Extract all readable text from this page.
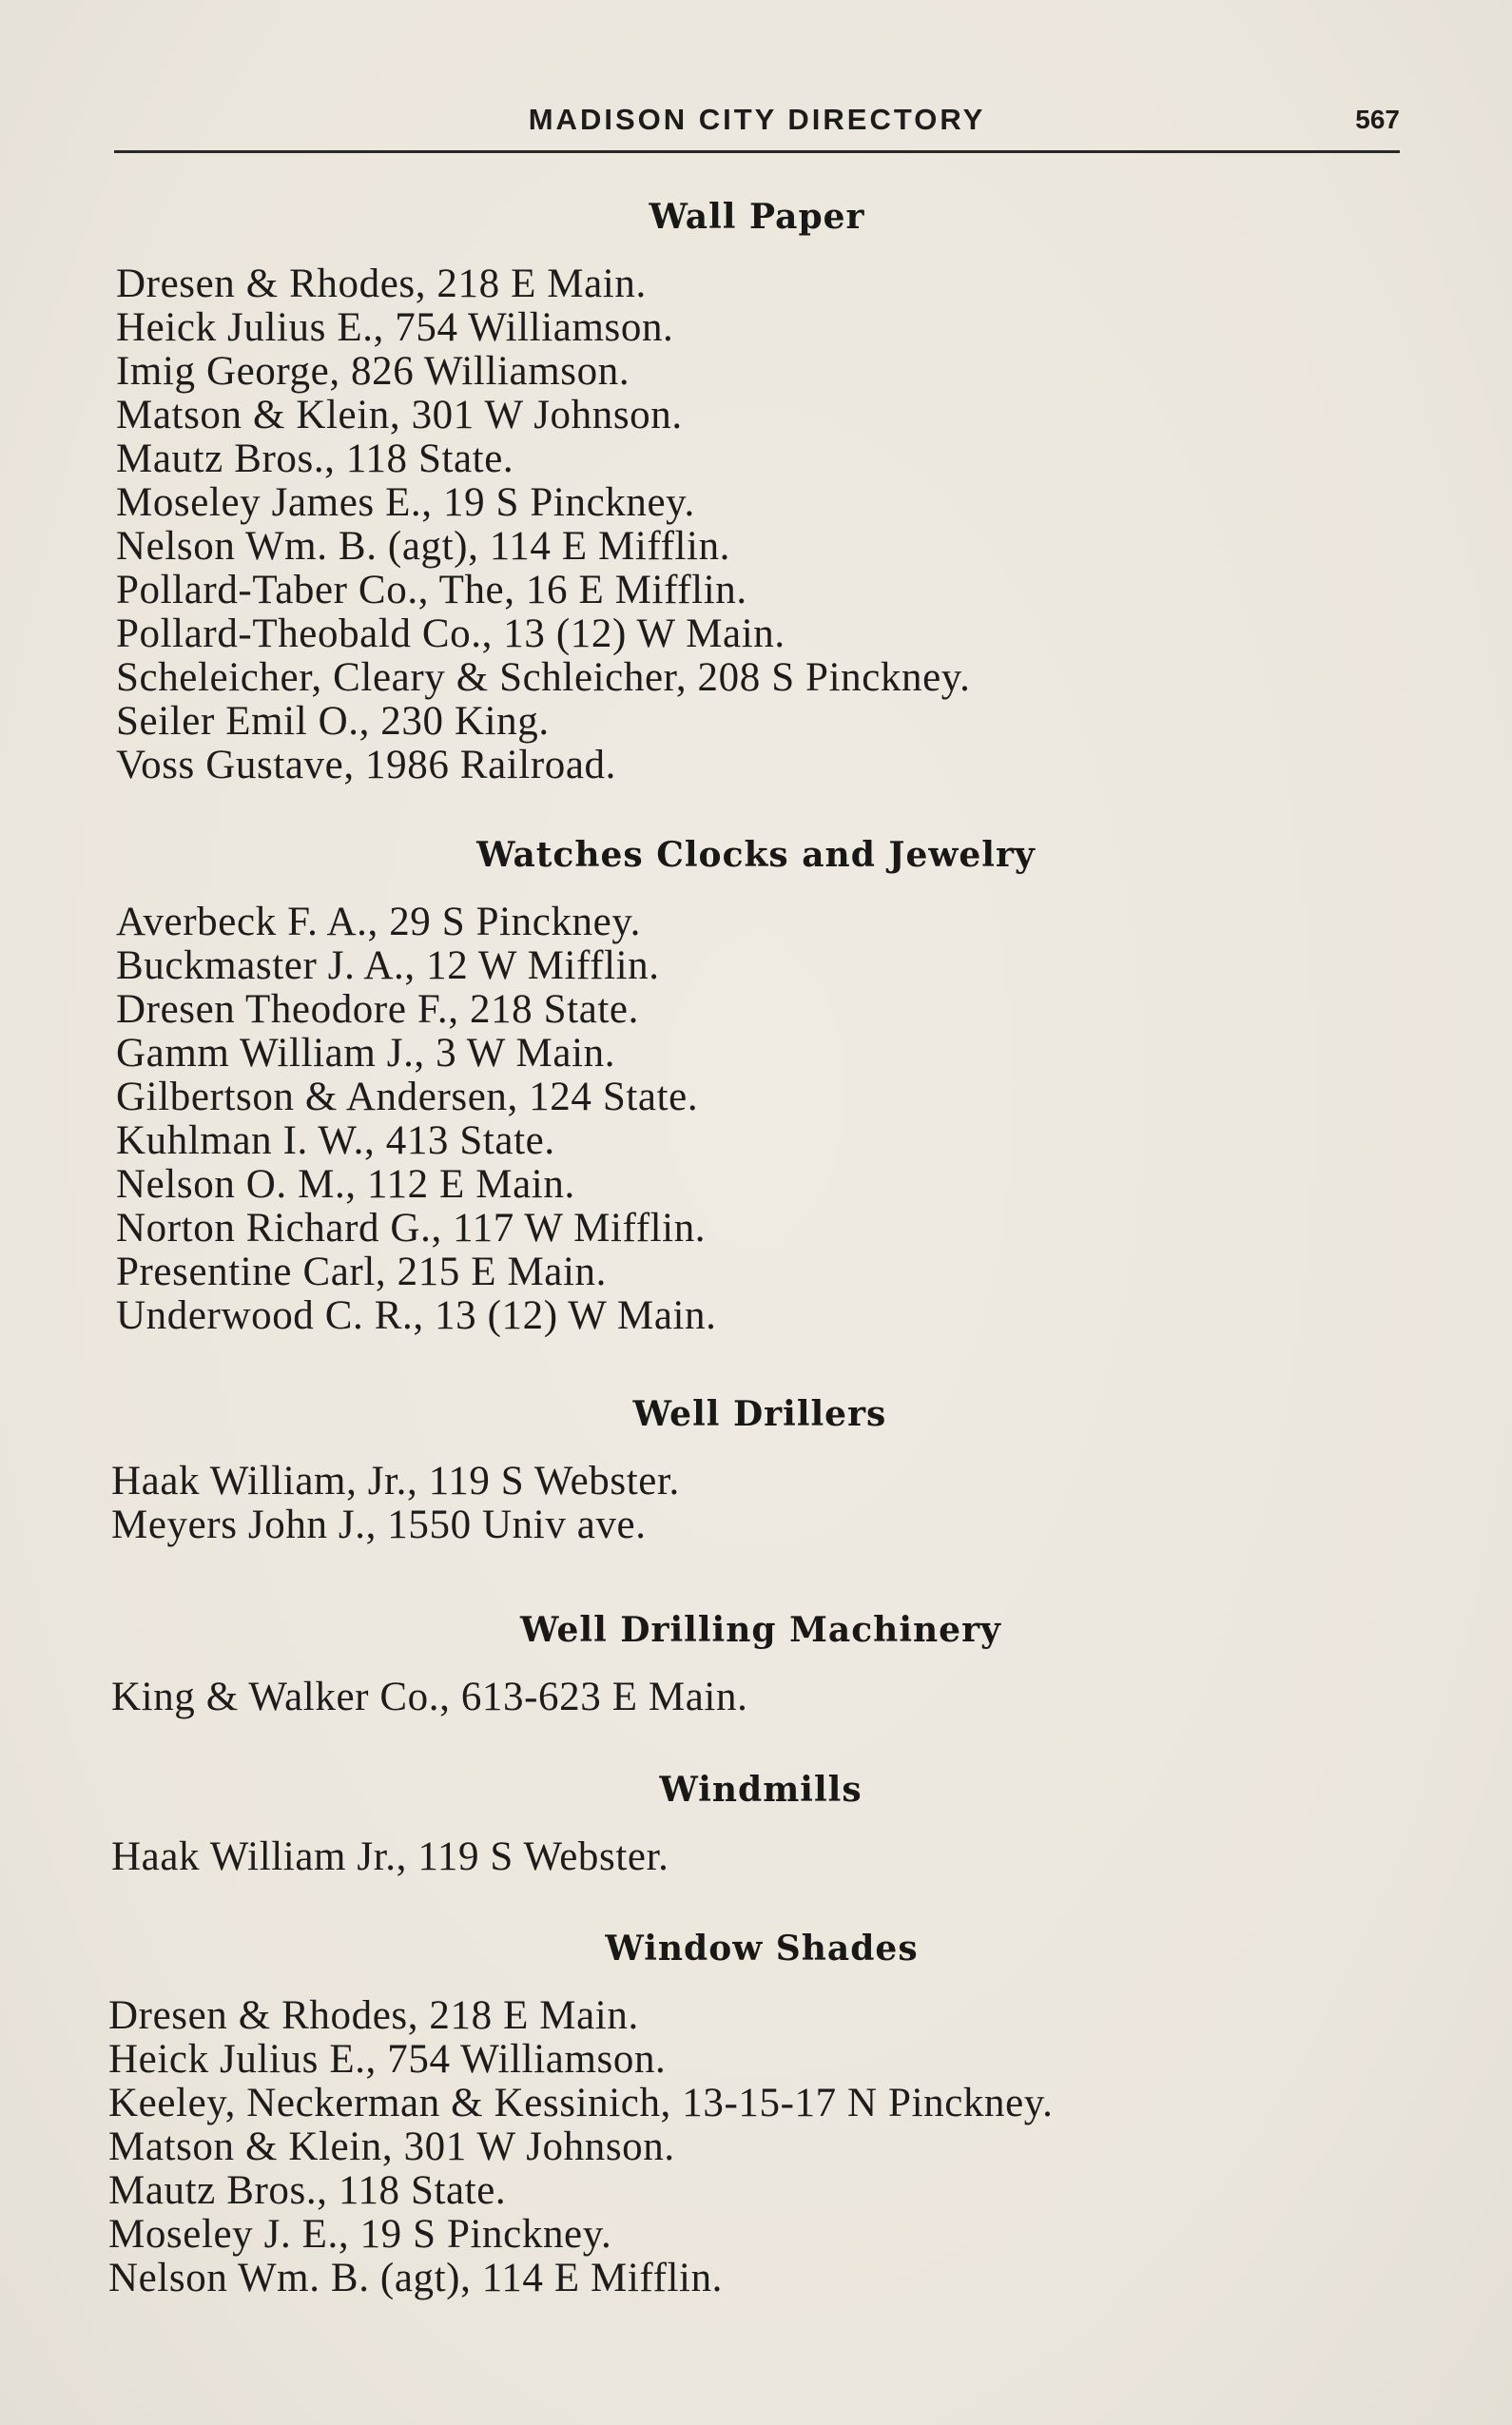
MADISON CITY DIRECTORY	567
Wall Paper
Dresen & Rhodes, 218 E Main.
Heick Julius E., 754 Williamson.
Imig George, 826 Williamson.
Matson & Klein, 301 W Johnson.
Mautz Bros., 118 State.
Moseley James E., 19 S Pinckney.
Nelson Wm. B. (agt), 114 E Mifflin.
Pollard-Taber Co., The, 16 E Mifflin.
Pollard-Theobald Co., 13 (12) W Main.
Scheleicher, Cleary & Schleicher, 208 S Pinckney.
Seiler Emil O., 230 King.
Voss Gustave, 1986 Railroad.
Watches Clocks and Jewelry
Averbeck F. A., 29 S Pinckney.
Buckmaster J. A., 12 W Mifflin.
Dresen Theodore F., 218 State.
Gamm William J., 3 W Main.
Gilbertson & Andersen, 124 State.
Kuhlman I. W., 413 State.
Nelson O. M., 112 E Main.
Norton Richard G., 117 W Mifflin.
Presentine Carl, 215 E Main.
Underwood C. R., 13 (12) W Main.
Well Drillers
Haak William, Jr., 119 S Webster.
Meyers John J., 1550 Univ ave.
Well Drilling Machinery
King & Walker Co., 613-623 E Main.
Windmills
Haak William Jr., 119 S Webster.
Window Shades
Dresen & Rhodes, 218 E Main.
Heick Julius E., 754 Williamson.
Keeley, Neckerman & Kessinich, 13-15-17 N Pinckney.
Matson & Klein, 301 W Johnson.
Mautz Bros., 118 State.
Moseley J. E., 19 S Pinckney.
Nelson Wm. B. (agt), 114 E Mifflin.
